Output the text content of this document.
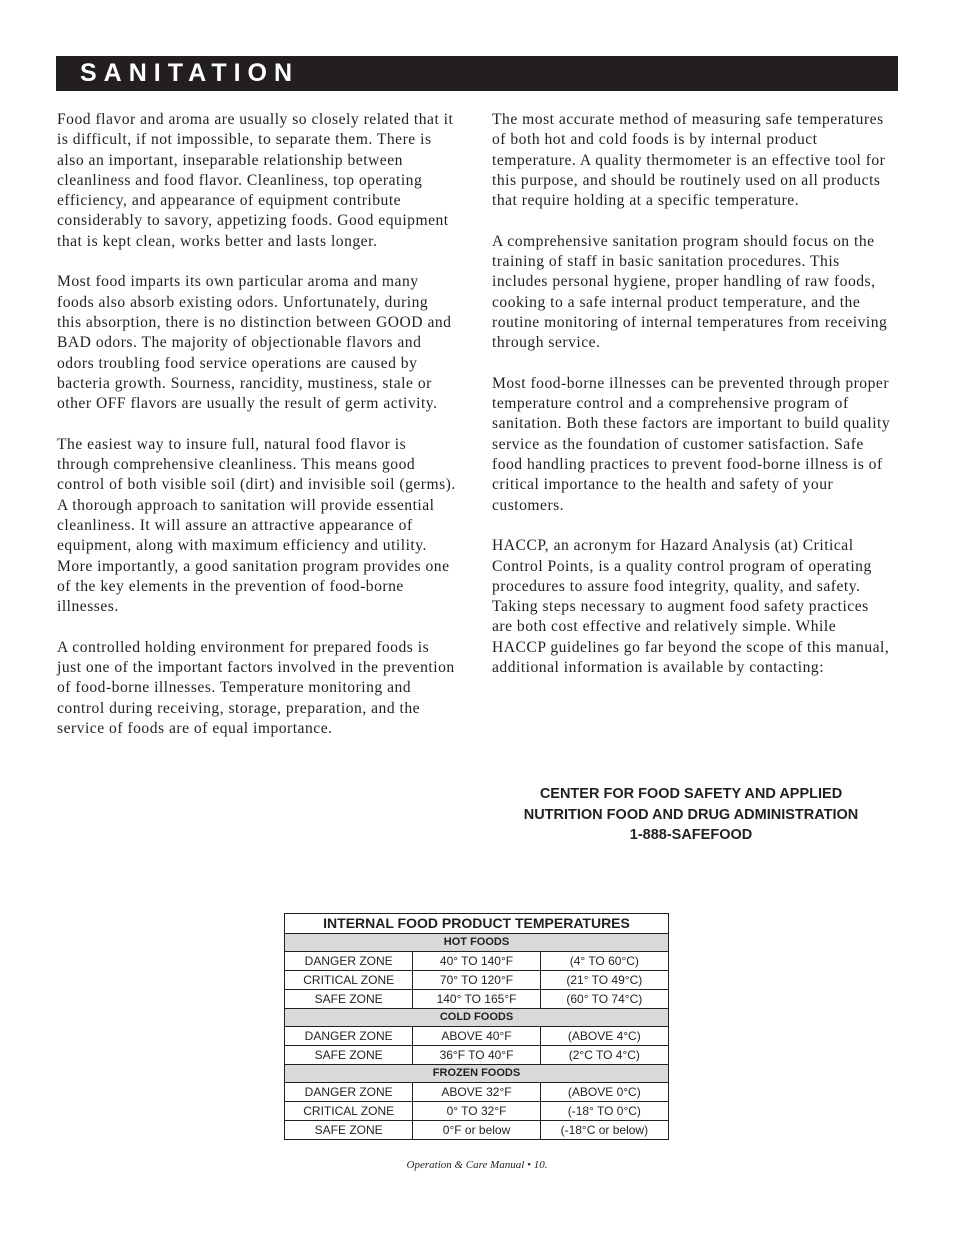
SANITATION

Food flavor and aroma are usually so closely related that it is difficult, if not impossible, to separate them. There is also an important, inseparable relationship between cleanliness and food flavor. Cleanliness, top operating efficiency, and appearance of equipment contribute considerably to savory, appetizing foods. Good equipment that is kept clean, works better and lasts longer.

Most food imparts its own particular aroma and many foods also absorb existing odors. Unfortunately, during this absorption, there is no distinction between GOOD and BAD odors. The majority of objectionable flavors and odors troubling food service operations are caused by bacteria growth. Sourness, rancidity, mustiness, stale or other OFF flavors are usually the result of germ activity.

The easiest way to insure full, natural food flavor is through comprehensive cleanliness. This means good control of both visible soil (dirt) and invisible soil (germs). A thorough approach to sanitation will provide essential cleanliness. It will assure an attractive appearance of equipment, along with maximum efficiency and utility. More importantly, a good sanitation program provides one of the key elements in the prevention of food-borne illnesses.

A controlled holding environment for prepared foods is just one of the important factors involved in the prevention of food-borne illnesses. Temperature monitoring and control during receiving, storage, preparation, and the service of foods are of equal importance.

The most accurate method of measuring safe temperatures of both hot and cold foods is by internal product temperature. A quality thermometer is an effective tool for this purpose, and should be routinely used on all products that require holding at a specific temperature.

A comprehensive sanitation program should focus on the training of staff in basic sanitation procedures. This includes personal hygiene, proper handling of raw foods, cooking to a safe internal product temperature, and the routine monitoring of internal temperatures from receiving through service.

Most food-borne illnesses can be prevented through proper temperature control and a comprehensive program of sanitation. Both these factors are important to build quality service as the foundation of customer satisfaction. Safe food handling practices to prevent food-borne illness is of critical importance to the health and safety of your customers.

HACCP, an acronym for Hazard Analysis (at) Critical Control Points, is a quality control program of operating procedures to assure food integrity, quality, and safety. Taking steps necessary to augment food safety practices are both cost effective and relatively simple. While HACCP guidelines go far beyond the scope of this manual, additional information is available by contacting:

CENTER FOR FOOD SAFETY AND APPLIED
NUTRITION FOOD AND DRUG ADMINISTRATION
1-888-SAFEFOOD
INTERNAL FOOD PRODUCT TEMPERATURES		
HOT FOODS		
DANGER ZONE	40° TO 140°F	(4° TO 60°C)
CRITICAL ZONE	70° TO 120°F	(21° TO 49°C)
SAFE ZONE	140° TO 165°F	(60° TO 74°C)
COLD FOODS		
DANGER ZONE	ABOVE 40°F	(ABOVE 4°C)
SAFE ZONE	36°F TO 40°F	(2°C TO 4°C)
FROZEN FOODS		
DANGER ZONE	ABOVE 32°F	(ABOVE 0°C)
CRITICAL ZONE	0° TO 32°F	(-18° TO 0°C)
SAFE ZONE	0°F or below	(-18°C or below)
Operation & Care Manual • 10.
